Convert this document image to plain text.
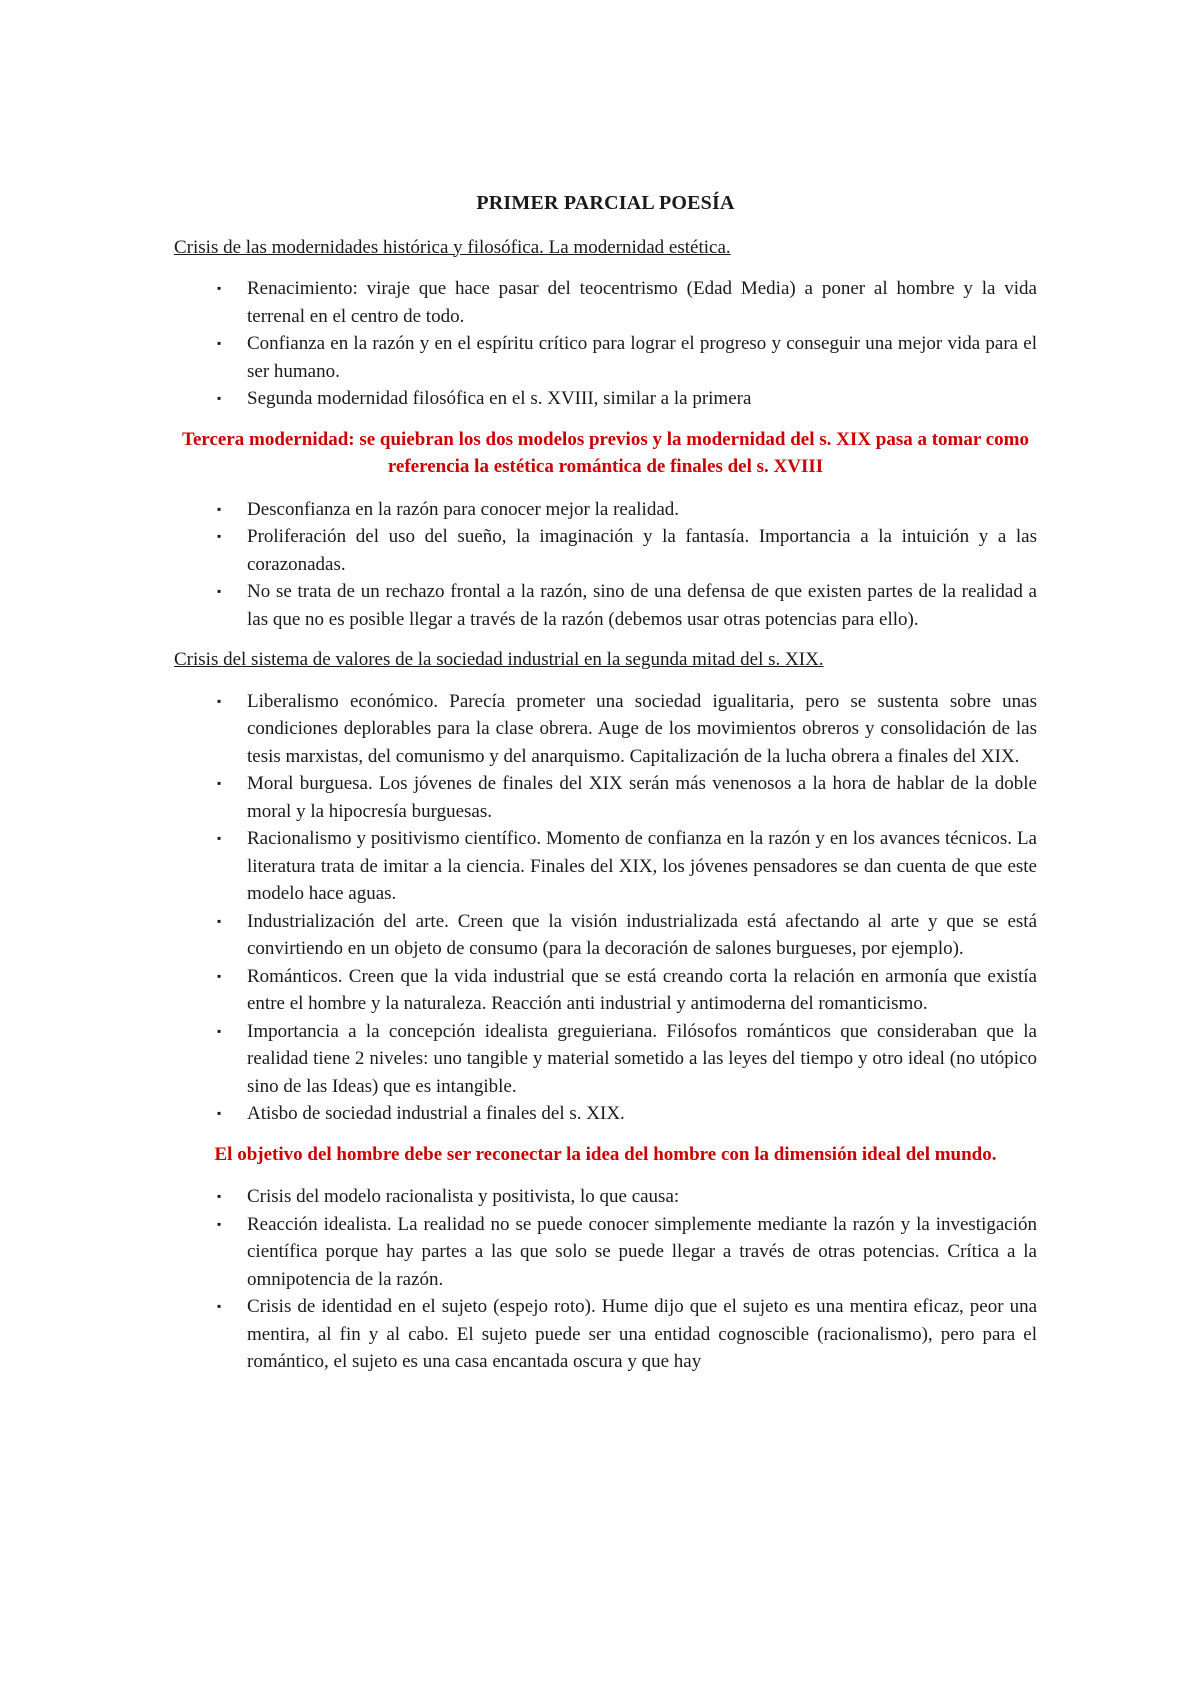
PRIMER PARCIAL POESÍA
Crisis de las modernidades histórica y filosófica. La modernidad estética.
▪ Renacimiento: viraje que hace pasar del teocentrismo (Edad Media) a poner al hombre y la vida terrenal en el centro de todo.
▪ Confianza en la razón y en el espíritu crítico para lograr el progreso y conseguir una mejor vida para el ser humano.
▪ Segunda modernidad filosófica en el s. XVIII, similar a la primera
Tercera modernidad: se quiebran los dos modelos previos y la modernidad del s. XIX pasa a tomar como referencia la estética romántica de finales del s. XVIII
▪ Desconfianza en la razón para conocer mejor la realidad.
▪ Proliferación del uso del sueño, la imaginación y la fantasía. Importancia a la intuición y a las corazonadas.
▪ No se trata de un rechazo frontal a la razón, sino de una defensa de que existen partes de la realidad a las que no es posible llegar a través de la razón (debemos usar otras potencias para ello).
Crisis del sistema de valores de la sociedad industrial en la segunda mitad del s. XIX.
▪ Liberalismo económico. Parecía prometer una sociedad igualitaria, pero se sustenta sobre unas condiciones deplorables para la clase obrera. Auge de los movimientos obreros y consolidación de las tesis marxistas, del comunismo y del anarquismo. Capitalización de la lucha obrera a finales del XIX.
▪ Moral burguesa. Los jóvenes de finales del XIX serán más venenosos a la hora de hablar de la doble moral y la hipocresía burguesas.
▪ Racionalismo y positivismo científico. Momento de confianza en la razón y en los avances técnicos. La literatura trata de imitar a la ciencia. Finales del XIX, los jóvenes pensadores se dan cuenta de que este modelo hace aguas.
▪ Industrialización del arte. Creen que la visión industrializada está afectando al arte y que se está convirtiendo en un objeto de consumo (para la decoración de salones burgueses, por ejemplo).
▪ Románticos. Creen que la vida industrial que se está creando corta la relación en armonía que existía entre el hombre y la naturaleza. Reacción anti industrial y antimoderna del romanticismo.
▪ Importancia a la concepción idealista greguieriana. Filósofos románticos que consideraban que la realidad tiene 2 niveles: uno tangible y material sometido a las leyes del tiempo y otro ideal (no utópico sino de las Ideas) que es intangible.
▪ Atisbo de sociedad industrial a finales del s. XIX.
El objetivo del hombre debe ser reconectar la idea del hombre con la dimensión ideal del mundo.
▪ Crisis del modelo racionalista y positivista, lo que causa:
▪ Reacción idealista. La realidad no se puede conocer simplemente mediante la razón y la investigación científica porque hay partes a las que solo se puede llegar a través de otras potencias. Crítica a la omnipotencia de la razón.
▪ Crisis de identidad en el sujeto (espejo roto). Hume dijo que el sujeto es una mentira eficaz, peor una mentira, al fin y al cabo. El sujeto puede ser una entidad cognoscible (racionalismo), pero para el romántico, el sujeto es una casa encantada oscura y que hay
